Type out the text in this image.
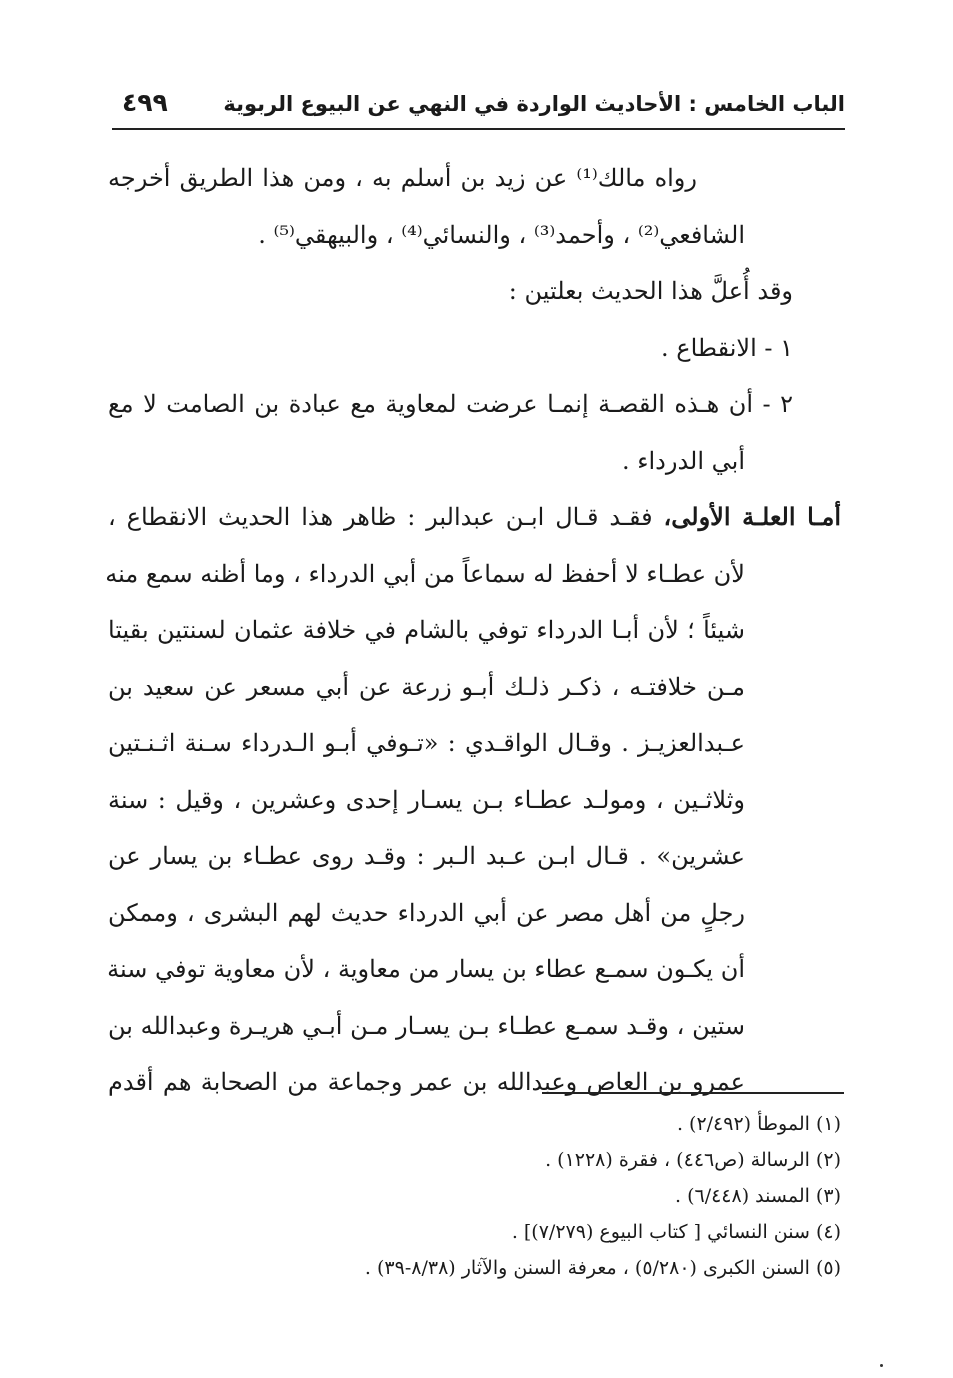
الباب الخامس : الأحاديث الواردة في النهي عن البيوع الربوية
٤٩٩
رواه مالك⁽¹⁾ عن زيد بن أسلم به ، ومن هذا الطريق أخرجه
الشافعي⁽²⁾ ، وأحمد⁽³⁾ ، والنسائي⁽⁴⁾ ، والبيهقي⁽⁵⁾ .
وقد أُعلَّ هذا الحديث بعلتين :
١ - الانقطاع .
٢ - أن هـذه القصـة إنمـا عرضت لمعاوية مع عبادة بن الصامت لا مع
أبي الدرداء .
أمـا العلـة الأولى، فقـد قـال ابـن عبدالبر : ظاهر هذا الحديث الانقطاع ،
لأن عطـاء لا أحفظ له سماعاً من أبي الدرداء ، وما أظنه سمع منه
شيئاً ؛ لأن أبـا الدرداء توفي بالشام في خلافة عثمان لسنتين بقيتا
مـن خلافتـه ، ذكـر ذلـك أبـو زرعة عن أبي مسعر عن سعيد بن
عـبدالعزيـز . وقـال الواقـدي : «تـوفي أبـو الـدرداء سـنة اثـنـتين
وثلاثـين ، ومولـد عطـاء بـن يسـار إحدى وعشرين ، وقيل : سنة
عشرين» . قـال ابـن عـبد الـبر : وقـد روى عطـاء بن يسار عن
رجلٍ من أهل مصر عن أبي الدرداء حديث لهم البشرى ، وممكن
أن يكـون سمـع عطاء بن يسار من معاوية ، لأن معاوية توفي سنة
ستين ، وقـد سمـع عطـاء بـن يسـار مـن أبـي هريـرة وعبدالله بن
عمرو بن العاص وعبدالله بن عمر وجماعة من الصحابة هم أقدم
(١) الموطأ (٢/٤٩٢) .
(٢) الرسالة (ص٤٤٦) ، فقرة (١٢٢٨) .
(٣) المسند (٦/٤٤٨) .
(٤) سنن النسائي [ كتاب البيوع (٧/٢٧٩)] .
(٥) السنن الكبرى (٥/٢٨٠) ، معرفة السنن والآثار (٨/٣٨-٣٩) .
